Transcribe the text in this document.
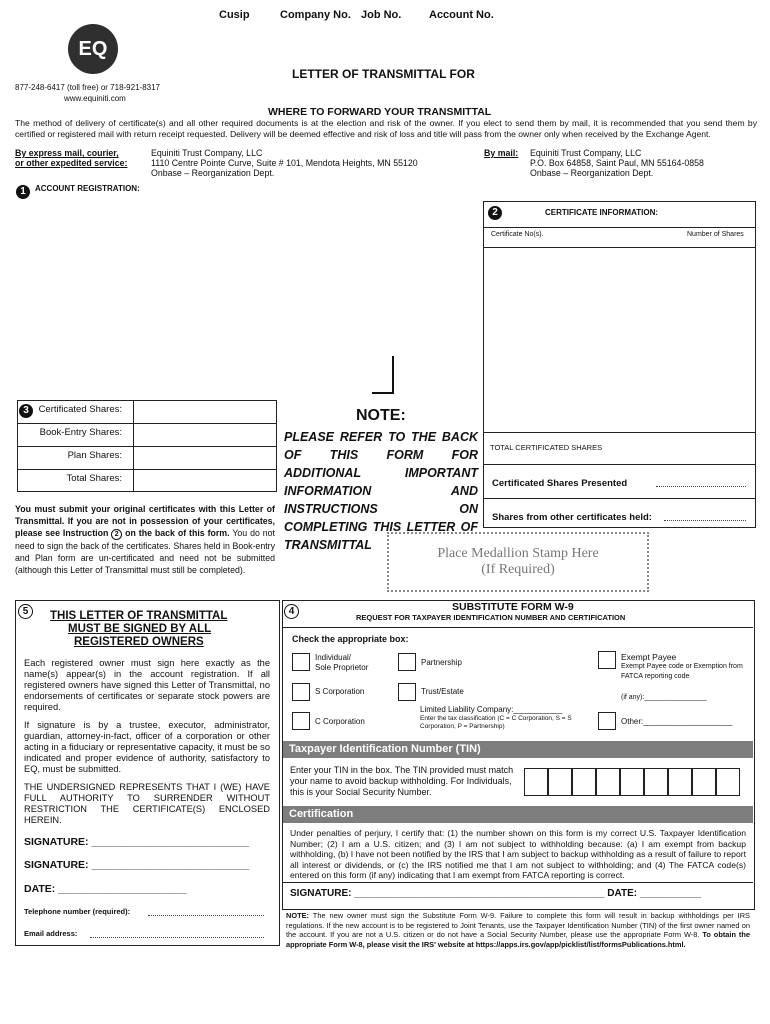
Cusip	Company No. Job No.	Account No.
EQ
877-248-6417 (toll free) or 718-921-8317
www.equiniti.com
LETTER OF TRANSMITTAL FOR
WHERE TO FORWARD YOUR TRANSMITTAL
The method of delivery of certificate(s) and all other required documents is at the election and risk of the owner. If you elect to send them by mail, it is recommended that you send them by certified or registered mail with return receipt requested. Delivery will be deemed effective and risk of loss and title will pass from the owner only when received by the Exchange Agent.
By express mail, courier,
or other expedited service:
Equiniti Trust Company, LLC
1110 Centre Pointe Curve, Suite # 101, Mendota Heights, MN 55120
Onbase – Reorganization Dept.
By mail: Equiniti Trust Company, LLC
P.O. Box 64858, Saint Paul, MN 55164-0858
Onbase – Reorganization Dept.
1	ACCOUNT REGISTRATION:
2	CERTIFICATE INFORMATION:
Certificate No(s).	Number of Shares
TOTAL CERTIFICATED SHARES
Certificated Shares Presented
Shares from other certificates held:
3	Certificated Shares:
Book-Entry Shares:
Plan Shares:
Total Shares:
NOTE:
PLEASE REFER TO THE BACK OF THIS FORM FOR ADDITIONAL IMPORTANT INFORMATION AND INSTRUCTIONS ON COMPLETING THIS LETTER OF TRANSMITTAL
You must submit your original certificates with this Letter of Transmittal. If you are not in possession of your certificates, please see Instruction 2 on the back of this form. You do not need to sign the back of the certificates. Shares held in Book-entry and Plan form are un-certificated and need not be submitted (although this Letter of Transmittal must still be completed).
Place Medallion Stamp Here
(If Required)
5	THIS LETTER OF TRANSMITTAL
MUST BE SIGNED BY ALL
REGISTERED OWNERS
Each registered owner must sign here exactly as the name(s) appear(s) in the account registration. If all registered owners have signed this Letter of Transmittal, no endorsements of certificates or separate stock powers are required.
If signature is by a trustee, executor, administrator, guardian, attorney-in-fact, officer of a corporation or other acting in a fiduciary or representative capacity, it must be so indicated and proper evidence of authority, satisfactory to EQ, must be submitted.
THE UNDERSIGNED REPRESENTS THAT I (WE) HAVE FULL AUTHORITY TO SURRENDER WITHOUT RESTRICTION THE CERTIFICATE(S) ENCLOSED HEREIN.
SIGNATURE: ___________________________
SIGNATURE: ___________________________
DATE: ______________________
Telephone number (required):
Email address:
4	SUBSTITUTE FORM W-9
REQUEST FOR TAXPAYER IDENTIFICATION NUMBER AND CERTIFICATION
Check the appropriate box:
Individual/
Sole Proprietor
Partnership
Exempt Payee
Exempt Payee code or Exemption from FATCA reporting code
S Corporation	Trust/Estate
(if any):________________
Limited Liability Company:___________
C Corporation	Enter the tax classification (C = C Corporation, S = S Corporation, P = Partnership)
Other:____________________
Taxpayer Identification Number (TIN)
Enter your TIN in the box. The TIN provided must match your name to avoid backup withholding. For Individuals, this is your Social Security Number.
Certification
Under penalties of perjury, I certify that: (1) the number shown on this form is my correct U.S. Taxpayer Identification Number; (2) I am a U.S. citizen; and (3) I am not subject to withholding because: (a) I am exempt from backup withholding, (b) I have not been notified by the IRS that I am subject to backup withholding as a result of failure to report all interest or dividends, or (c) the IRS notified me that I am not subject to withholding; and (4) The FATCA code(s) entered on this form (if any) indicating that I am exempt from FATCA reporting is correct.
SIGNATURE: _____________________________________________ DATE: ___________
NOTE: The new owner must sign the Substitute Form W-9. Failure to complete this form will result in backup withholdings per IRS regulations. If the new account is to be registered to Joint Tenants, use the Taxpayer Identification Number (TIN) of the first owner named on the account. If you are not a U.S. citizen or do not have a Social Security Number, please use the appropriate Form W-8. To obtain the appropriate Form W-8, please visit the IRS' website at https://apps.irs.gov/app/picklist/list/formsPublications.html.
